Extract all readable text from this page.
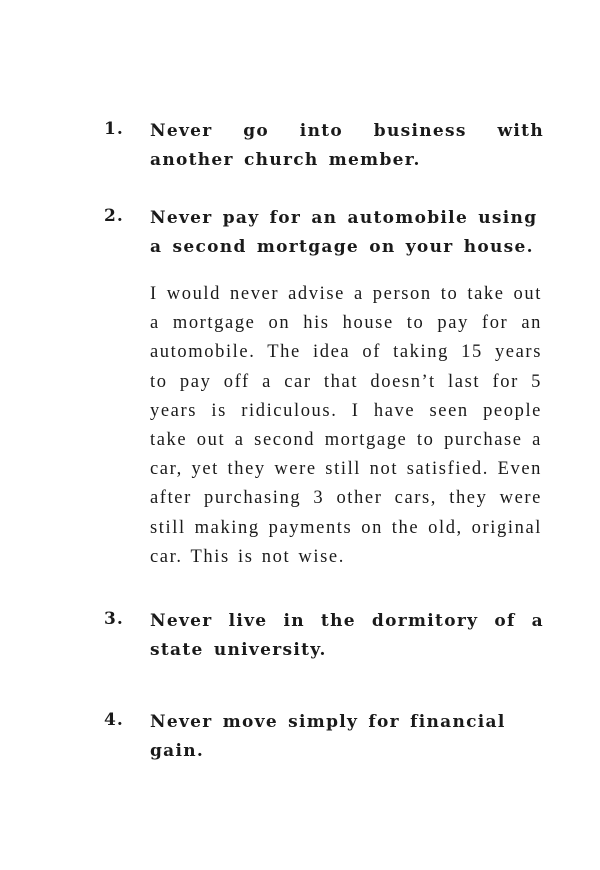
1. Never go into business with another church member.
2. Never pay for an automobile using a second mortgage on your house.
I would never advise a person to take out a mortgage on his house to pay for an automobile. The idea of taking 15 years to pay off a car that doesn’t last for 5 years is ridiculous. I have seen people take out a second mortgage to purchase a car, yet they were still not satisfied. Even after purchasing 3 other cars, they were still making payments on the old, original car. This is not wise.
3. Never live in the dormitory of a state university.
4. Never move simply for financial gain.
